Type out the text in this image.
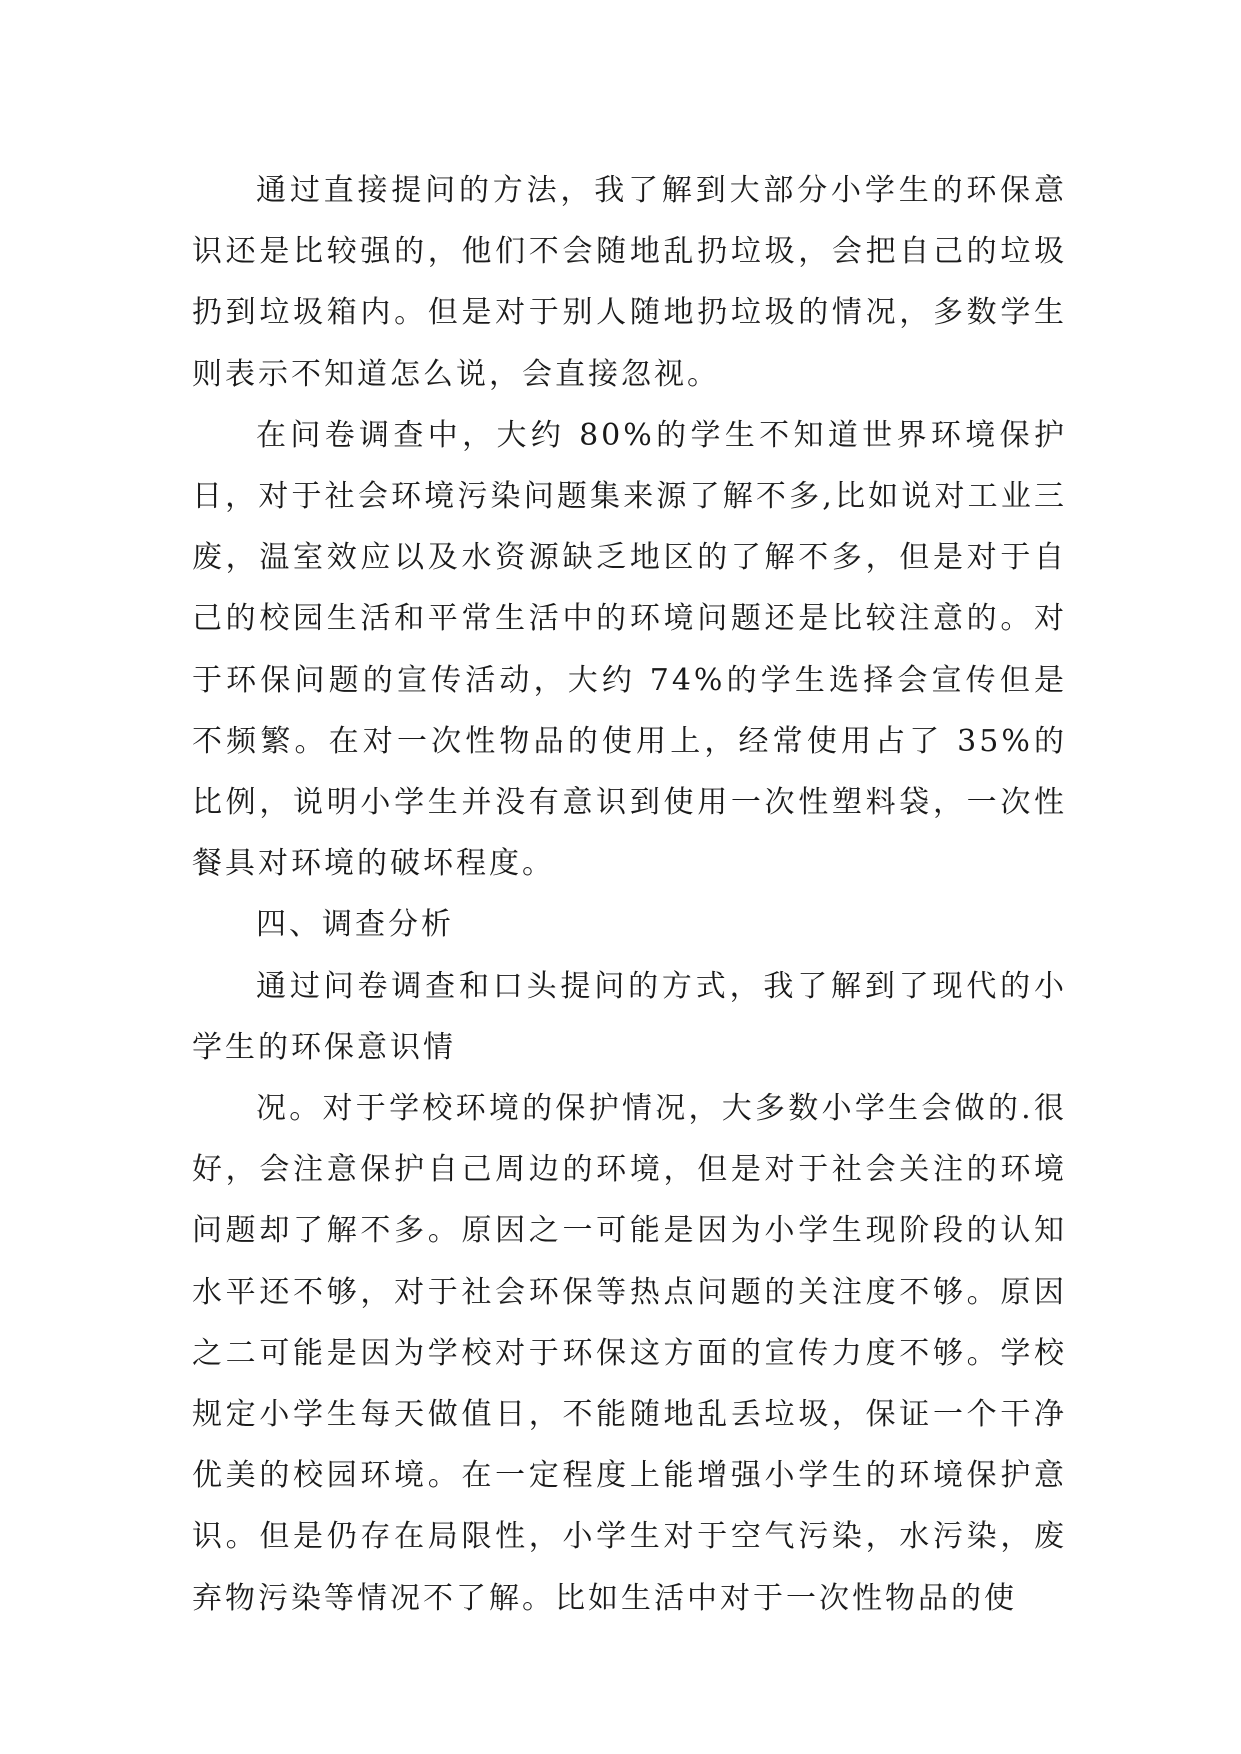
通过直接提问的方法，我了解到大部分小学生的环保意识还是比较强的，他们不会随地乱扔垃圾，会把自己的垃圾扔到垃圾箱内。但是对于别人随地扔垃圾的情况，多数学生则表示不知道怎么说，会直接忽视。

在问卷调查中，大约 80%的学生不知道世界环境保护日，对于社会环境污染问题集来源了解不多,比如说对工业三废，温室效应以及水资源缺乏地区的了解不多，但是对于自己的校园生活和平常生活中的环境问题还是比较注意的。对于环保问题的宣传活动，大约 74%的学生选择会宣传但是不频繁。在对一次性物品的使用上，经常使用占了 35%的比例，说明小学生并没有意识到使用一次性塑料袋，一次性餐具对环境的破坏程度。

四、调查分析

通过问卷调查和口头提问的方式，我了解到了现代的小学生的环保意识情

况。对于学校环境的保护情况，大多数小学生会做的.很好，会注意保护自己周边的环境，但是对于社会关注的环境问题却了解不多。原因之一可能是因为小学生现阶段的认知水平还不够，对于社会环保等热点问题的关注度不够。原因之二可能是因为学校对于环保这方面的宣传力度不够。学校规定小学生每天做值日，不能随地乱丢垃圾，保证一个干净优美的校园环境。在一定程度上能增强小学生的环境保护意识。但是仍存在局限性，小学生对于空气污染，水污染，废弃物污染等情况不了解。比如生活中对于一次性物品的使
